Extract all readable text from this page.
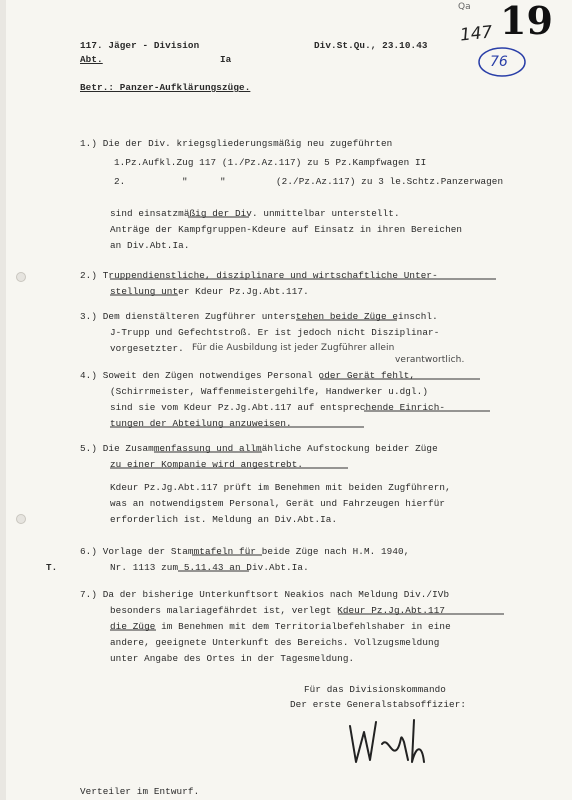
Qa
147 19
76
117. Jäger - Division
Abt.	Ia
Div.St.Qu., 23.10.43
Betr.: Panzer-Aufklärungszüge.
1.) Die der Div. kriegsgliederungsmäßig neu zugeführten
1.Pz.Aufkl.Zug 117 (1./Pz.Az.117) zu 5 Pz.Kampfwagen II
2.	"	"	(2./Pz.Az.117) zu 3 le.Schtz.Panzerwagen
sind einsatzmäßig der Div. unmittelbar unterstellt.
Anträge der Kampfgruppen-Kdeure auf Einsatz in ihren Bereichen
an Div.Abt.Ia.
2.) Truppendienstliche, disziplinare und wirtschaftliche Unter-
stellung unter Kdeur Pz.Jg.Abt.117.
3.) Dem dienstälteren Zugführer unterstehen beide Züge einschl.
J-Trupp und Gefechtstroß. Er ist jedoch nicht Disziplinar-
vorgesetzter. Für die Ausbildung ist jeder Zugführer allein
verantwortlich.
4.) Soweit den Zügen notwendiges Personal oder Gerät fehlt,
(Schirrmeister, Waffenmeistergehilfe, Handwerker u.dgl.)
sind sie vom Kdeur Pz.Jg.Abt.117 auf entsprechende Einrich-
tungen der Abteilung anzuweisen.
5.) Die Zusammenfassung und allmähliche Aufstockung beider Züge
zu einer Kompanie wird angestrebt.
Kdeur Pz.Jg.Abt.117 prüft im Benehmen mit beiden Zugführern,
was an notwendigstem Personal, Gerät und Fahrzeugen hierfür
erforderlich ist. Meldung an Div.Abt.Ia.
6.) Vorlage der Stammtafeln für beide Züge nach H.M. 1940,
T.	Nr. 1113 zum 5.11.43 an Div.Abt.Ia.
7.) Da der bisherige Unterkunftsort Neakios nach Meldung Div./IVb
besonders malariagefährdet ist, verlegt Kdeur Pz.Jg.Abt.117
die Züge im Benehmen mit dem Territorialbefehlshaber in eine
andere, geeignete Unterkunft des Bereichs. Vollzugsmeldung
unter Angabe des Ortes in der Tagesmeldung.
Für das Divisionskommando
Der erste Generalstabsoffizier:
Verteiler im Entwurf.
